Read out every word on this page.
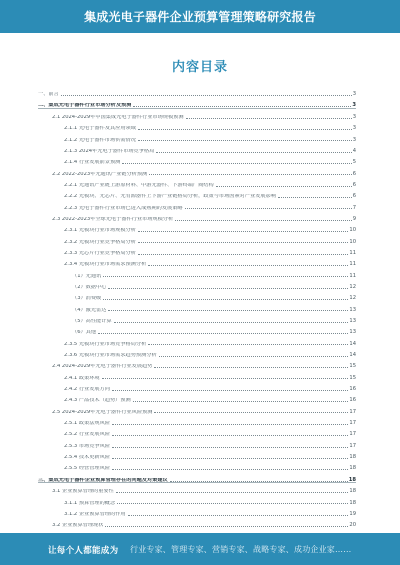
集成光电子器件企业预算管理策略研究报告
内容目录
一、前言	3
二、集成光电子器件行业市场分析及预测	3
2.1 2024-2029年中国集成光电子器件行业市场规模预测	3
2.1.1 光电子器件及其应用领域	3
2.1.2 光电子器件市场供需情况	3
2.1.3 2024年光电子器件市场竞争格局	4
2.1.4 行业发展前景预测	5
2.2 2022-2023年光通讯产业链分析预测	6
2.2.1 光通讯产业链上游原材料、中游光器件、下游终端厂商结构	6
2.2.2 光模块、光芯片、光有源器件上下游产业链格局分析，政策与市场因素对产业发展影响	6
2.2.3 光电子器件行业市场已进入成熟期的发展策略	7
2.3 2022-2023年全球光电子器件行业市场规模分析	9
2.3.1 光模块行业市场规模分析	10
2.3.2 光模块行业竞争格局分析	10
2.3.3 光芯片行业竞争格局分析	11
2.3.4 光模块行业市场需求预测分析	11
（1）光通讯	11
（2）数据中心	12
（3）消费级	12
（4）激光雷达	13
（5）高性能计算	13
（6）其他	13
2.3.5 光模块行业市场竞争格局分析	14
2.3.6 光模块行业市场需求趋势预测分析	14
2.4 2024-2029年光电子器件行业发展趋势	15
2.4.1 政策环境	15
2.4.2 行业发展方向	16
2.4.3 产品技术（趋势）预测	16
2.5 2024-2029年光电子器件行业风险预测	17
2.5.1 政策法规风险	17
2.5.2 行业发展风险	17
2.5.3 市场竞争风险	17
2.5.4 技术更新风险	18
2.5.5 经营管理风险	18
三、集成光电子器件企业预算管理存在的问题及对策建议	18
3.1 企业预算管理的重要性	18
3.1.1 预算管理的概念	18
3.1.2 企业预算管理的作用	19
3.2 企业预算管理现状	20
让每个人都能成为 行业专家、管理专家、营销专家、战略专家、成功企业家……
